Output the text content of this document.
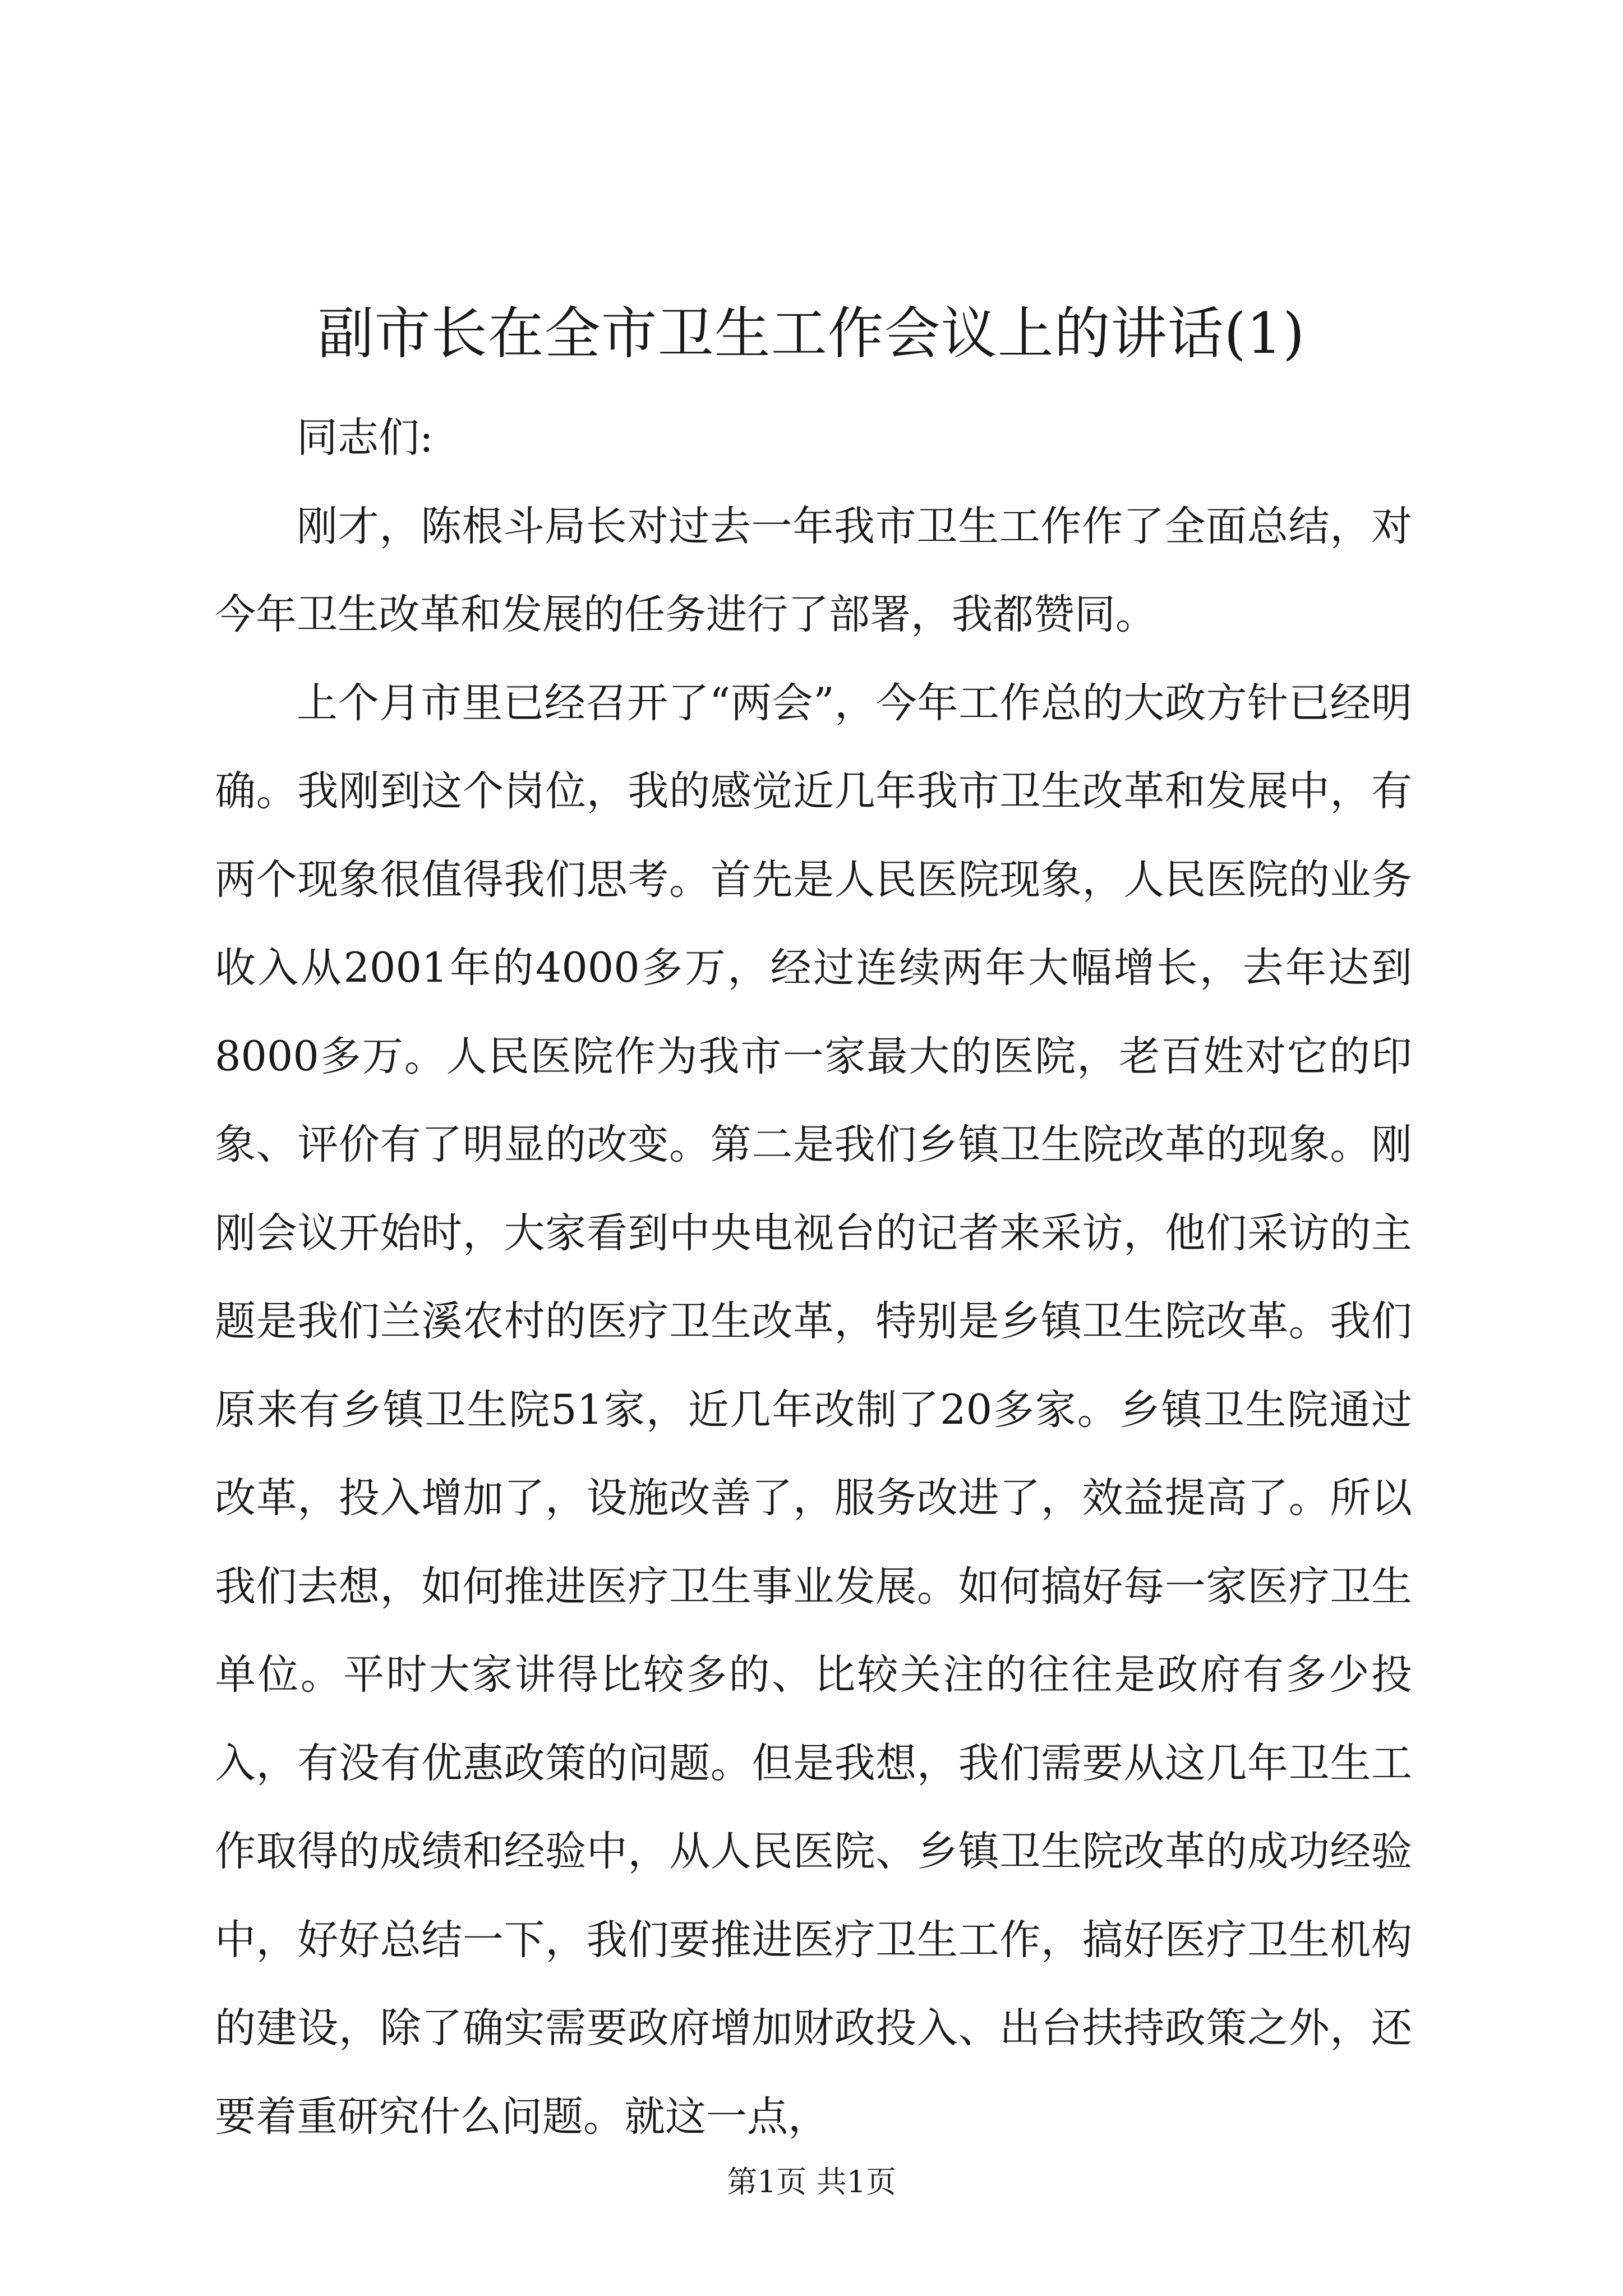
副市长在全市卫生工作会议上的讲话(1)

同志们:

刚才，陈根斗局长对过去一年我市卫生工作作了全面总结，对今年卫生改革和发展的任务进行了部署，我都赞同。

上个月市里已经召开了“两会”，今年工作总的大政方针已经明确。我刚到这个岗位，我的感觉近几年我市卫生改革和发展中，有两个现象很值得我们思考。首先是人民医院现象，人民医院的业务收入从2001年的4000多万，经过连续两年大幅增长，去年达到8000多万。人民医院作为我市一家最大的医院，老百姓对它的印象、评价有了明显的改变。第二是我们乡镇卫生院改革的现象。刚刚会议开始时，大家看到中央电视台的记者来采访，他们采访的主题是我们兰溪农村的医疗卫生改革，特别是乡镇卫生院改革。我们原来有乡镇卫生院51家，近几年改制了20多家。乡镇卫生院通过改革，投入增加了，设施改善了，服务改进了，效益提高了。所以我们去想，如何推进医疗卫生事业发展。如何搞好每一家医疗卫生单位。平时大家讲得比较多的、比较关注的往往是政府有多少投入，有没有优惠政策的问题。但是我想，我们需要从这几年卫生工作取得的成绩和经验中，从人民医院、乡镇卫生院改革的成功经验中，好好总结一下，我们要推进医疗卫生工作，搞好医疗卫生机构的建设，除了确实需要政府增加财政投入、出台扶持政策之外，还要着重研究什么问题。就这一点，

第1页 共1页
